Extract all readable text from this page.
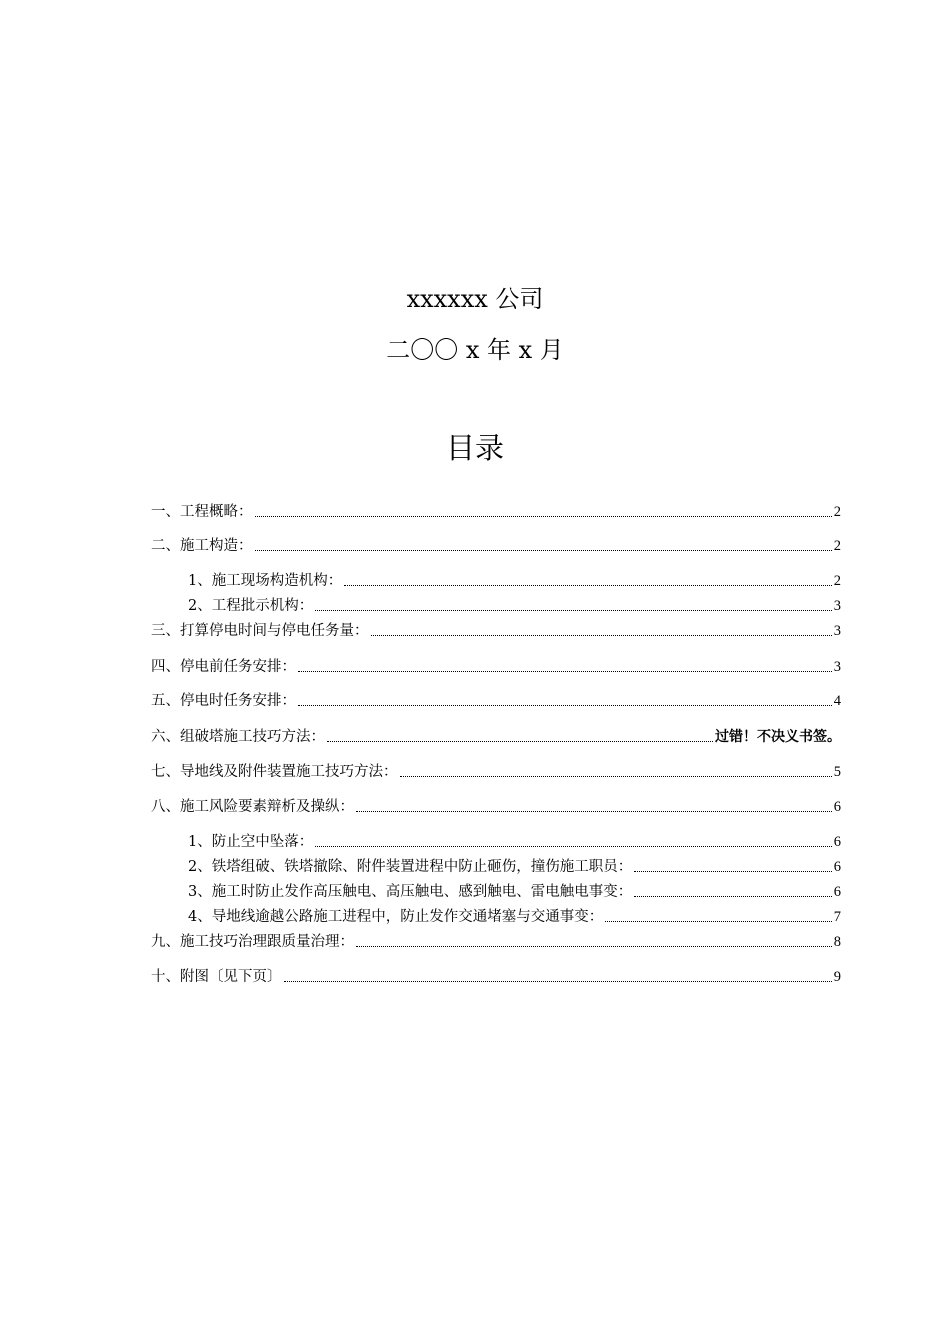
xxxxxx 公司
二〇〇 x 年 x 月
目录
一、工程概略：	2
二、施工构造：	2
1、施工现场构造机构：	2
2、工程批示机构：	3
三、打算停电时间与停电任务量：	3
四、停电前任务安排：	3
五、停电时任务安排：	4
六、组破塔施工技巧方法：	过错！不决义书签。
七、导地线及附件装置施工技巧方法：	5
八、施工风险要素辩析及操纵：	6
1、防止空中坠落：	6
2、铁塔组破、铁塔撤除、附件装置进程中防止砸伤，撞伤施工职员：	6
3、施工时防止发作高压触电、高压触电、感到触电、雷电触电事变：	6
4、导地线逾越公路施工进程中，防止发作交通堵塞与交通事变：	7
九、施工技巧治理跟质量治理：	8
十、附图〔见下页〕	9
